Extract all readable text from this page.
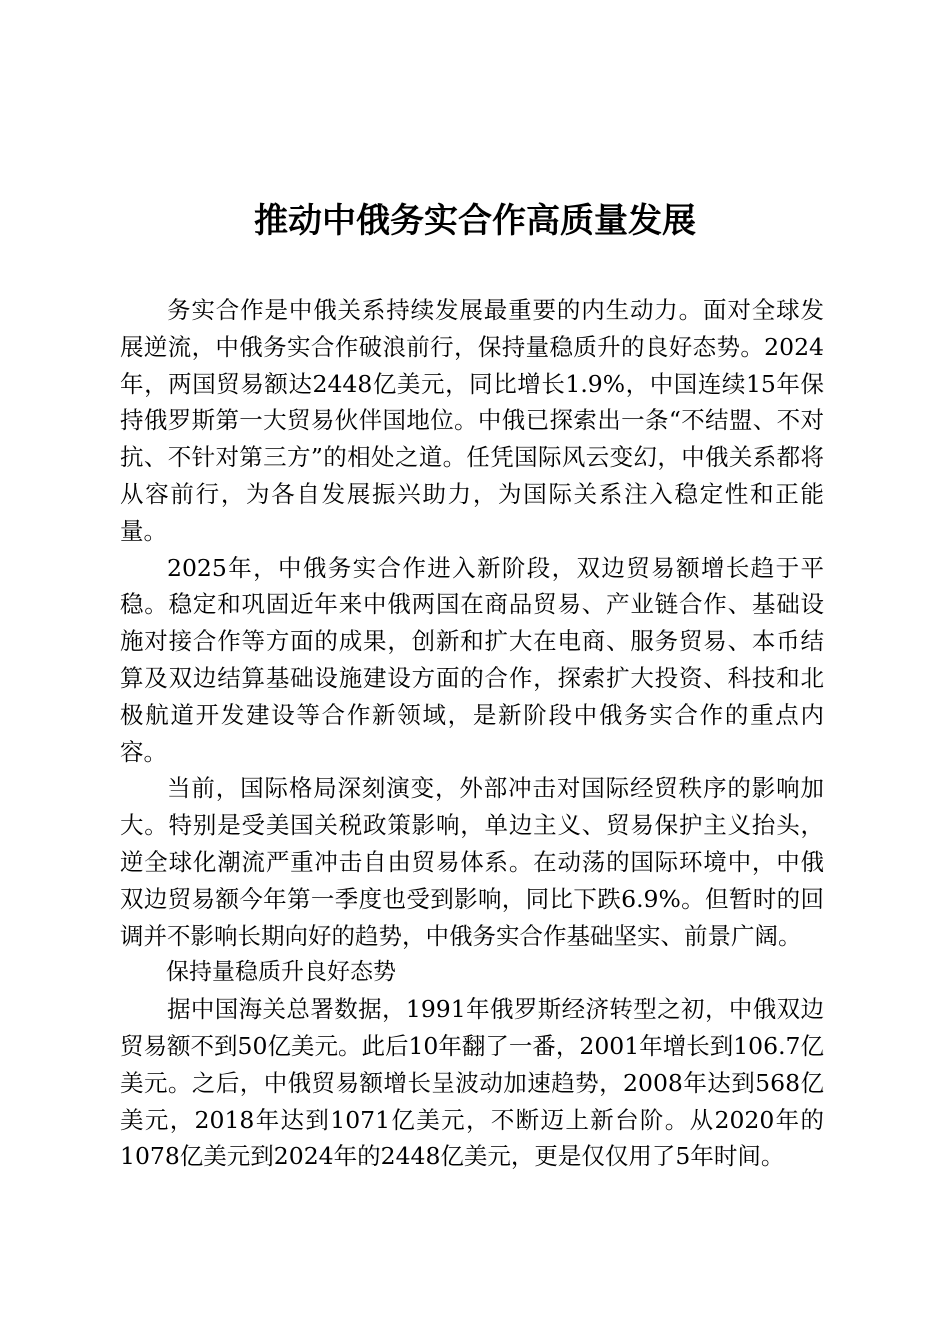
推动中俄务实合作高质量发展

务实合作是中俄关系持续发展最重要的内生动力。面对全球发展逆流，中俄务实合作破浪前行，保持量稳质升的良好态势。2024年，两国贸易额达2448亿美元，同比增长1.9%，中国连续15年保持俄罗斯第一大贸易伙伴国地位。中俄已探索出一条“不结盟、不对抗、不针对第三方”的相处之道。任凭国际风云变幻，中俄关系都将从容前行，为各自发展振兴助力，为国际关系注入稳定性和正能量。

2025年，中俄务实合作进入新阶段，双边贸易额增长趋于平稳。稳定和巩固近年来中俄两国在商品贸易、产业链合作、基础设施对接合作等方面的成果，创新和扩大在电商、服务贸易、本币结算及双边结算基础设施建设方面的合作，探索扩大投资、科技和北极航道开发建设等合作新领域，是新阶段中俄务实合作的重点内容。

当前，国际格局深刻演变，外部冲击对国际经贸秩序的影响加大。特别是受美国关税政策影响，单边主义、贸易保护主义抬头，逆全球化潮流严重冲击自由贸易体系。在动荡的国际环境中，中俄双边贸易额今年第一季度也受到影响，同比下跌6.9%。但暂时的回调并不影响长期向好的趋势，中俄务实合作基础坚实、前景广阔。

保持量稳质升良好态势

据中国海关总署数据，1991年俄罗斯经济转型之初，中俄双边贸易额不到50亿美元。此后10年翻了一番，2001年增长到106.7亿美元。之后，中俄贸易额增长呈波动加速趋势，2008年达到568亿美元，2018年达到1071亿美元，不断迈上新台阶。从2020年的1078亿美元到2024年的2448亿美元，更是仅仅用了5年时间。
